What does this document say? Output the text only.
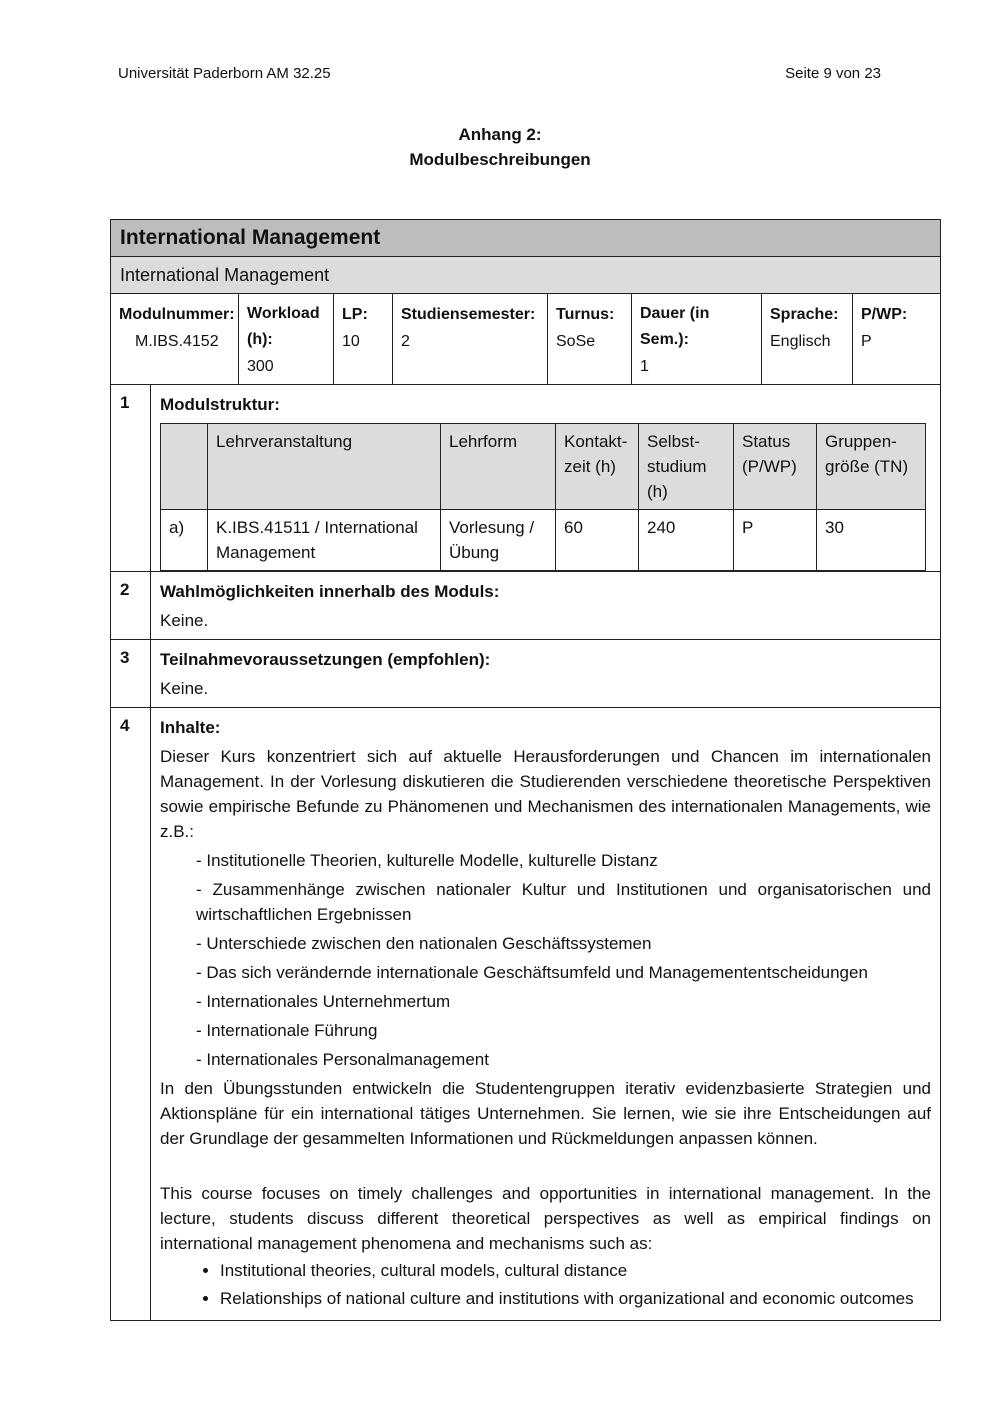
Universität Paderborn AM 32.25	Seite 9 von 23
Anhang 2:
Modulbeschreibungen
International Management
International Management
Modulnummer:
M.IBS.4152
Workload (h):
300
LP:
10
Studiensemester:
2
Turnus:
SoSe
Dauer (in Sem.):
1
Sprache:
Englisch
P/WP:
P
1	Modulstruktur:
	Lehrveranstaltung	Lehrform	Kontakt-zeit (h)	Selbst-studium (h)	Status (P/WP)	Gruppen-größe (TN)
a)	K.IBS.41511 / International Management	Vorlesung / Übung	60	240	P	30
2	Wahlmöglichkeiten innerhalb des Moduls:
Keine.
3	Teilnahmevoraussetzungen (empfohlen):
Keine.
4	Inhalte:

Dieser Kurs konzentriert sich auf aktuelle Herausforderungen und Chancen im internationalen Management. In der Vorlesung diskutieren die Studierenden verschiedene theoretische Perspektiven sowie empirische Befunde zu Phänomenen und Mechanismen des internationalen Managements, wie z.B.:

- Institutionelle Theorien, kulturelle Modelle, kulturelle Distanz
- Zusammenhänge zwischen nationaler Kultur und Institutionen und organisatorischen und wirtschaftlichen Ergebnissen
- Unterschiede zwischen den nationalen Geschäftssystemen
- Das sich verändernde internationale Geschäftsumfeld und Managemententscheidungen
- Internationales Unternehmertum
- Internationale Führung
- Internationales Personalmanagement

In den Übungsstunden entwickeln die Studentengruppen iterativ evidenzbasierte Strategien und Aktionspläne für ein international tätiges Unternehmen. Sie lernen, wie sie ihre Entscheidungen auf der Grundlage der gesammelten Informationen und Rückmeldungen anpassen können.

This course focuses on timely challenges and opportunities in international management. In the lecture, students discuss different theoretical perspectives as well as empirical findings on international management phenomena and mechanisms such as:

• Institutional theories, cultural models, cultural distance
• Relationships of national culture and institutions with organizational and economic outcomes
